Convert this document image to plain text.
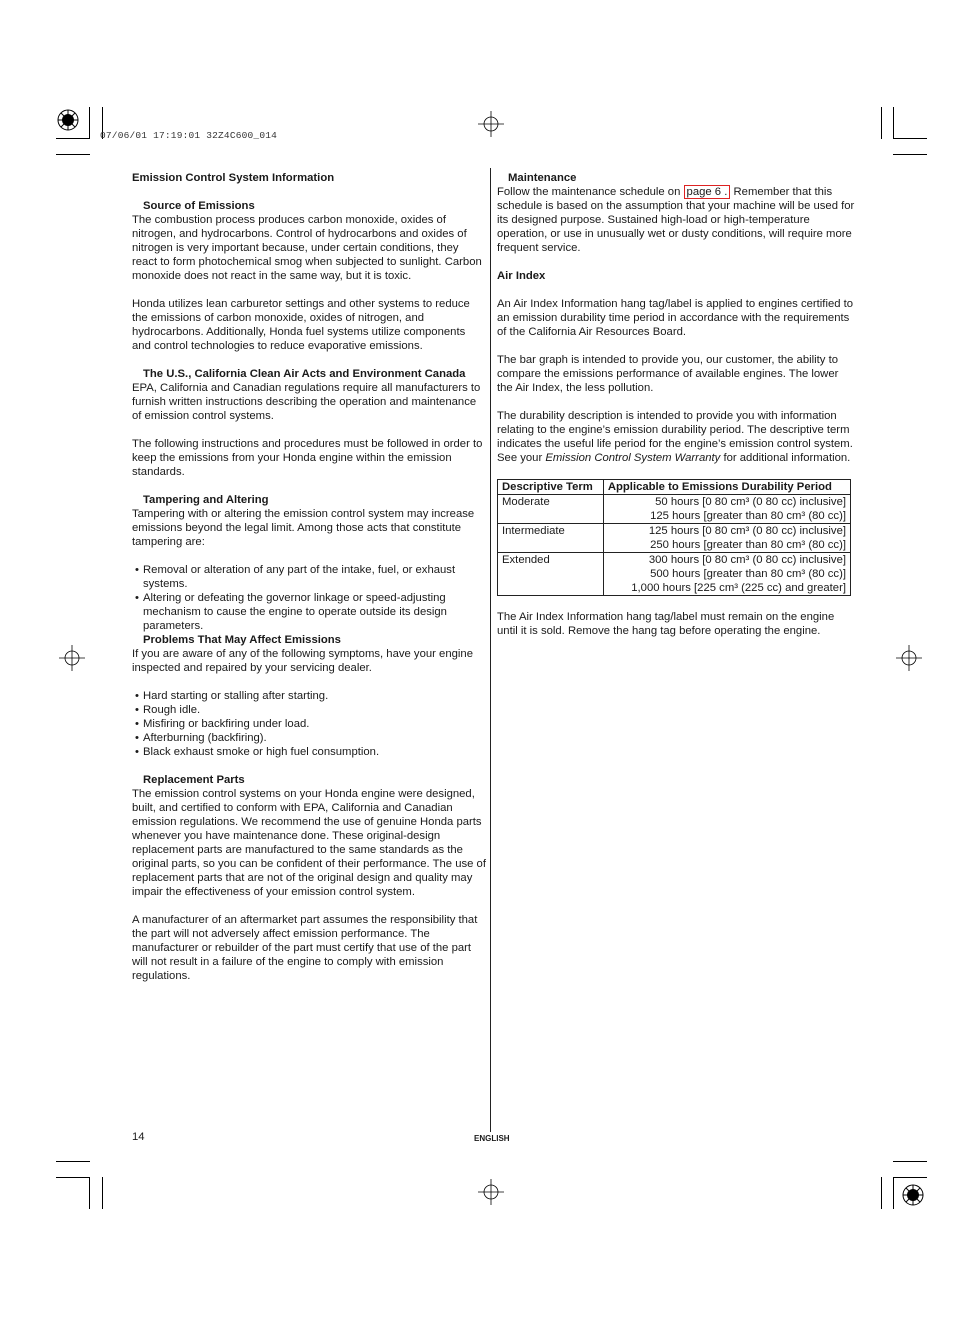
07/06/01 17:19:01 32Z4C600_014
Emission Control System Information
Source of Emissions

The combustion process produces carbon monoxide, oxides of nitrogen, and hydrocarbons. Control of hydrocarbons and oxides of nitrogen is very important because, under certain conditions, they react to form photochemical smog when subjected to sunlight. Carbon monoxide does not react in the same way, but it is toxic.

Honda utilizes lean carburetor settings and other systems to reduce the emissions of carbon monoxide, oxides of nitrogen, and hydrocarbons. Additionally, Honda fuel systems utilize components and control technologies to reduce evaporative emissions.

The U.S., California Clean Air Acts and Environment Canada

EPA, California and Canadian regulations require all manufacturers to furnish written instructions describing the operation and maintenance of emission control systems.

The following instructions and procedures must be followed in order to keep the emissions from your Honda engine within the emission standards.

Tampering and Altering

Tampering with or altering the emission control system may increase emissions beyond the legal limit. Among those acts that constitute tampering are:

• Removal or alteration of any part of the intake, fuel, or exhaust systems.
• Altering or defeating the governor linkage or speed-adjusting mechanism to cause the engine to operate outside its design parameters.
Problems That May Affect Emissions

If you are aware of any of the following symptoms, have your engine inspected and repaired by your servicing dealer.

• Hard starting or stalling after starting.
• Rough idle.
• Misfiring or backfiring under load.
• Afterburning (backfiring).
• Black exhaust smoke or high fuel consumption.
Replacement Parts

The emission control systems on your Honda engine were designed, built, and certified to conform with EPA, California and Canadian emission regulations. We recommend the use of genuine Honda parts whenever you have maintenance done. These original-design replacement parts are manufactured to the same standards as the original parts, so you can be confident of their performance. The use of replacement parts that are not of the original design and quality may impair the effectiveness of your emission control system.

A manufacturer of an aftermarket part assumes the responsibility that the part will not adversely affect emission performance. The manufacturer or rebuilder of the part must certify that use of the part will not result in a failure of the engine to comply with emission regulations.

Maintenance

Follow the maintenance schedule on page 6 . Remember that this schedule is based on the assumption that your machine will be used for its designed purpose. Sustained high-load or high-temperature operation, or use in unusually wet or dusty conditions, will require more frequent service.

Air Index

An Air Index Information hang tag/label is applied to engines certified to an emission durability time period in accordance with the requirements of the California Air Resources Board.

The bar graph is intended to provide you, our customer, the ability to compare the emissions performance of available engines. The lower the Air Index, the less pollution.

The durability description is intended to provide you with information relating to the engine’s emission durability period. The descriptive term indicates the useful life period for the engine’s emission control system. See your Emission Control System Warranty for additional information.

Descriptive Term	Applicable to Emissions Durability Period
Moderate	50 hours [0 80 cm³ (0 80 cc) inclusive]
	125 hours [greater than 80 cm³ (80 cc)]
Intermediate	125 hours [0 80 cm³ (0 80 cc) inclusive]
	250 hours [greater than 80 cm³ (80 cc)]
Extended	300 hours [0 80 cm³ (0 80 cc) inclusive]
	500 hours [greater than 80 cm³ (80 cc)]
	1,000 hours [225 cm³ (225 cc) and greater]

The Air Index Information hang tag/label must remain on the engine until it is sold. Remove the hang tag before operating the engine.

14	ENGLISH
